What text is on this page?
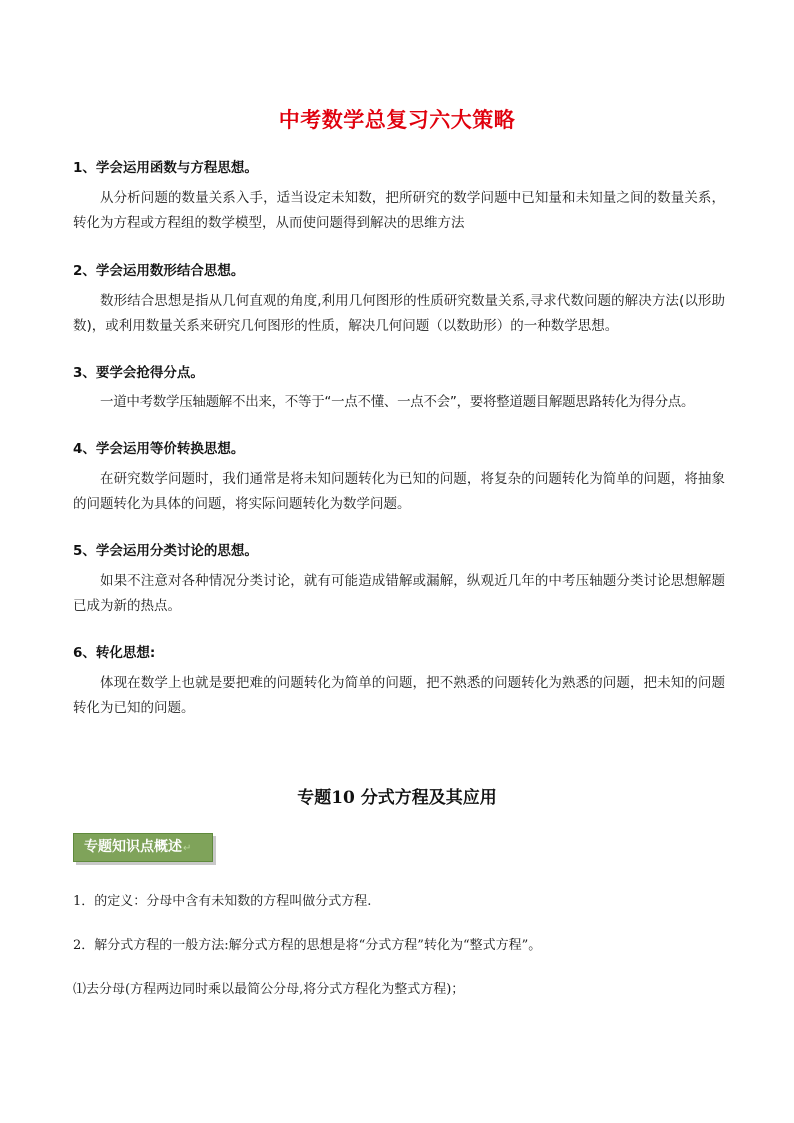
中考数学总复习六大策略
1、学会运用函数与方程思想。
从分析问题的数量关系入手，适当设定未知数，把所研究的数学问题中已知量和未知量之间的数量关系，转化为方程或方程组的数学模型，从而使问题得到解决的思维方法
2、学会运用数形结合思想。
数形结合思想是指从几何直观的角度,利用几何图形的性质研究数量关系,寻求代数问题的解决方法(以形助数)，或利用数量关系来研究几何图形的性质，解决几何问题（以数助形）的一种数学思想。
3、要学会抢得分点。
一道中考数学压轴题解不出来，不等于“一点不懂、一点不会”，要将整道题目解题思路转化为得分点。
4、学会运用等价转换思想。
在研究数学问题时，我们通常是将未知问题转化为已知的问题，将复杂的问题转化为简单的问题，将抽象的问题转化为具体的问题，将实际问题转化为数学问题。
5、学会运用分类讨论的思想。
如果不注意对各种情况分类讨论，就有可能造成错解或漏解，纵观近几年的中考压轴题分类讨论思想解题已成为新的热点。
6、转化思想:
体现在数学上也就是要把难的问题转化为简单的问题，把不熟悉的问题转化为熟悉的问题，把未知的问题转化为已知的问题。
专题10 分式方程及其应用
专题知识点概述↵
1．的定义：分母中含有未知数的方程叫做分式方程.
2．解分式方程的一般方法:解分式方程的思想是将“分式方程”转化为“整式方程”。
⑴去分母(方程两边同时乘以最简公分母,将分式方程化为整式方程)；
